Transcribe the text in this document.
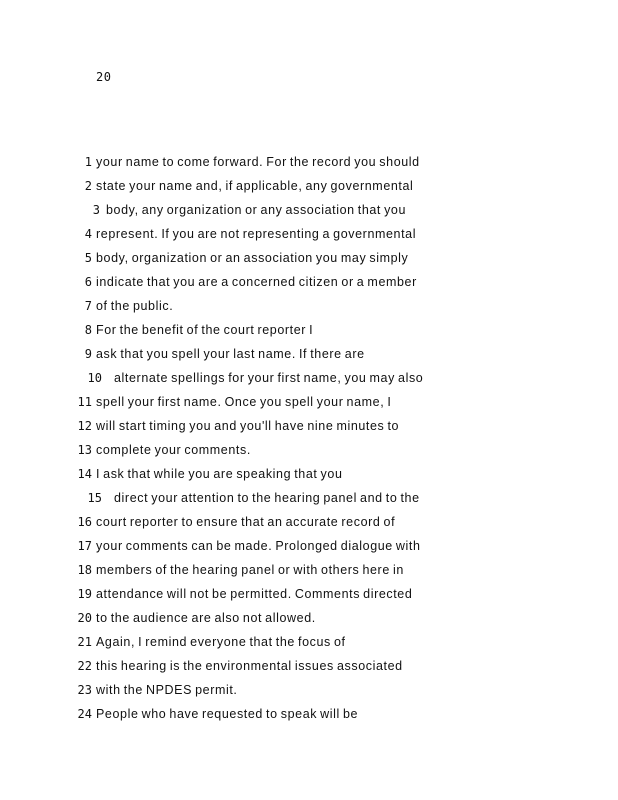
20
1 your name to come forward. For the record you should
2 state your name and, if applicable, any governmental
3 body, any organization or any association that you
4 represent. If you are not representing a governmental
5 body, organization or an association you may simply
6 indicate that you are a concerned citizen or a member
7 of the public.
8 For the benefit of the court reporter I
9 ask that you spell your last name. If there are
10 alternate spellings for your first name, you may also
11 spell your first name. Once you spell your name, I
12 will start timing you and you'll have nine minutes to
13 complete your comments.
14 I ask that while you are speaking that you
15 direct your attention to the hearing panel and to the
16 court reporter to ensure that an accurate record of
17 your comments can be made. Prolonged dialogue with
18 members of the hearing panel or with others here in
19 attendance will not be permitted. Comments directed
20 to the audience are also not allowed.
21 Again, I remind everyone that the focus of
22 this hearing is the environmental issues associated
23 with the NPDES permit.
24 People who have requested to speak will be
